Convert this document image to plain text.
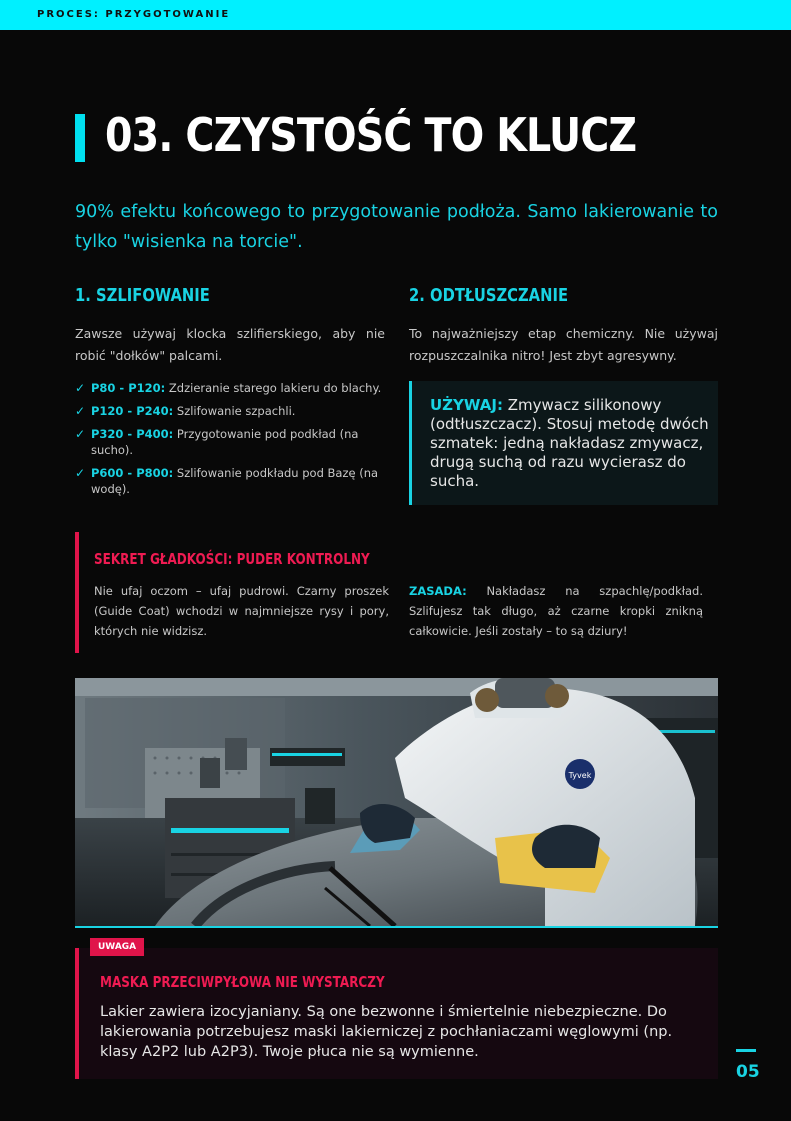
PROCES: PRZYGOTOWANIE
03. CZYSTOŚĆ TO KLUCZ

90% efektu końcowego to przygotowanie podłoża. Samo lakierowanie to tylko "wisienka na torcie".

1. SZLIFOWANIE	2. ODTŁUSZCZANIE

Zawsze używaj klocka szlifierskiego, aby nie robić "dołków" palcami.

To najważniejszy etap chemiczny. Nie używaj rozpuszczalnika nitro! Jest zbyt agresywny.

✓ P80 - P120: Zdzieranie starego lakieru do blachy.
✓ P120 - P240: Szlifowanie szpachli.
✓ P320 - P400: Przygotowanie pod podkład (na sucho).
✓ P600 - P800: Szlifowanie podkładu pod Bazę (na wodę).

UŻYWAJ: Zmywacz silikonowy (odtłuszczacz). Stosuj metodę dwóch szmatek: jedną nakładasz zmywacz, drugą suchą od razu wycierasz do sucha.

SEKRET GŁADKOŚCI: PUDER KONTROLNY

Nie ufaj oczom – ufaj pudrowi. Czarny proszek (Guide Coat) wchodzi w najmniejsze rysy i pory, których nie widzisz.

ZASADA: Nakładasz na szpachlę/podkład. Szlifujesz tak długo, aż czarne kropki znikną całkowicie. Jeśli zostały – to są dziury!

Tyvek
UWAGA
MASKA PRZECIWPYŁOWA NIE WYSTARCZY

Lakier zawiera izocyjaniany. Są one bezwonne i śmiertelnie niebezpieczne. Do lakierowania potrzebujesz maski lakierniczej z pochłaniaczami węglowymi (np. klasy A2P2 lub A2P3). Twoje płuca nie są wymienne.

05
